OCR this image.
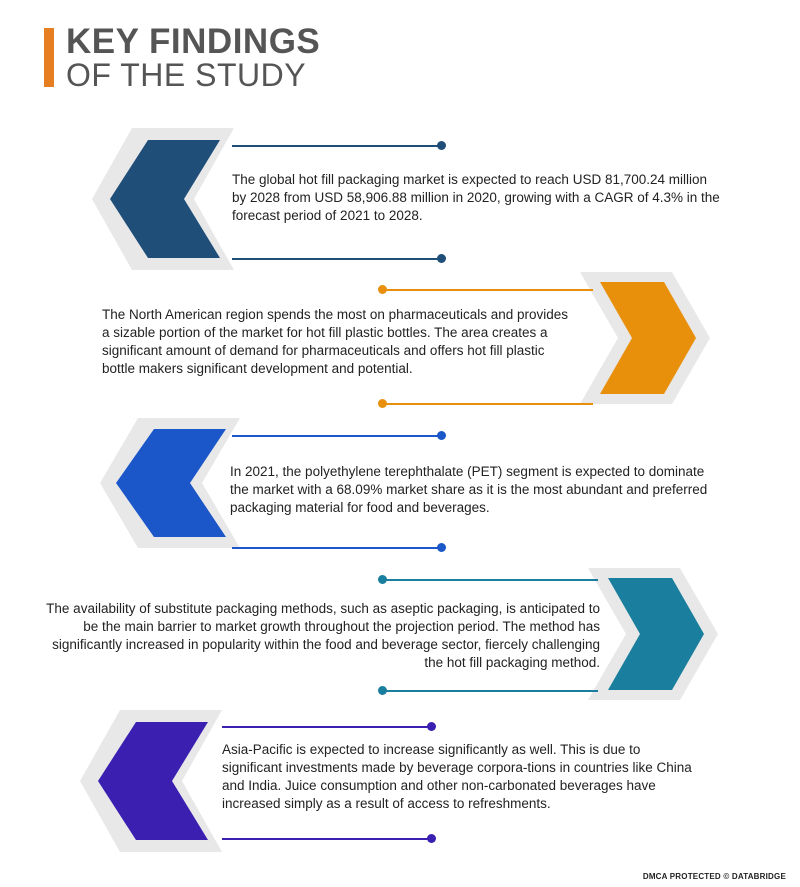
KEY FINDINGS
OF THE STUDY

The global hot fill packaging market is expected to reach USD 81,700.24 million by 2028 from USD 58,906.88 million in 2020, growing with a CAGR of 4.3% in the forecast period of 2021 to 2028.

The North American region spends the most on pharmaceuticals and provides a sizable portion of the market for hot fill plastic bottles. The area creates a significant amount of demand for pharmaceuticals and offers hot fill plastic bottle makers significant development and potential.

In 2021, the polyethylene terephthalate (PET) segment is expected to dominate the market with a 68.09% market share as it is the most abundant and preferred packaging material for food and beverages.

The availability of substitute packaging methods, such as aseptic packaging, is anticipated to be the main barrier to market growth throughout the projection period. The method has significantly increased in popularity within the food and beverage sector, fiercely challenging the hot fill packaging method.

Asia-Pacific is expected to increase significantly as well. This is due to significant investments made by beverage corpora-tions in countries like China and India. Juice consumption and other non-carbonated beverages have increased simply as a result of access to refreshments.

DMCA PROTECTED © DATABRIDGE
